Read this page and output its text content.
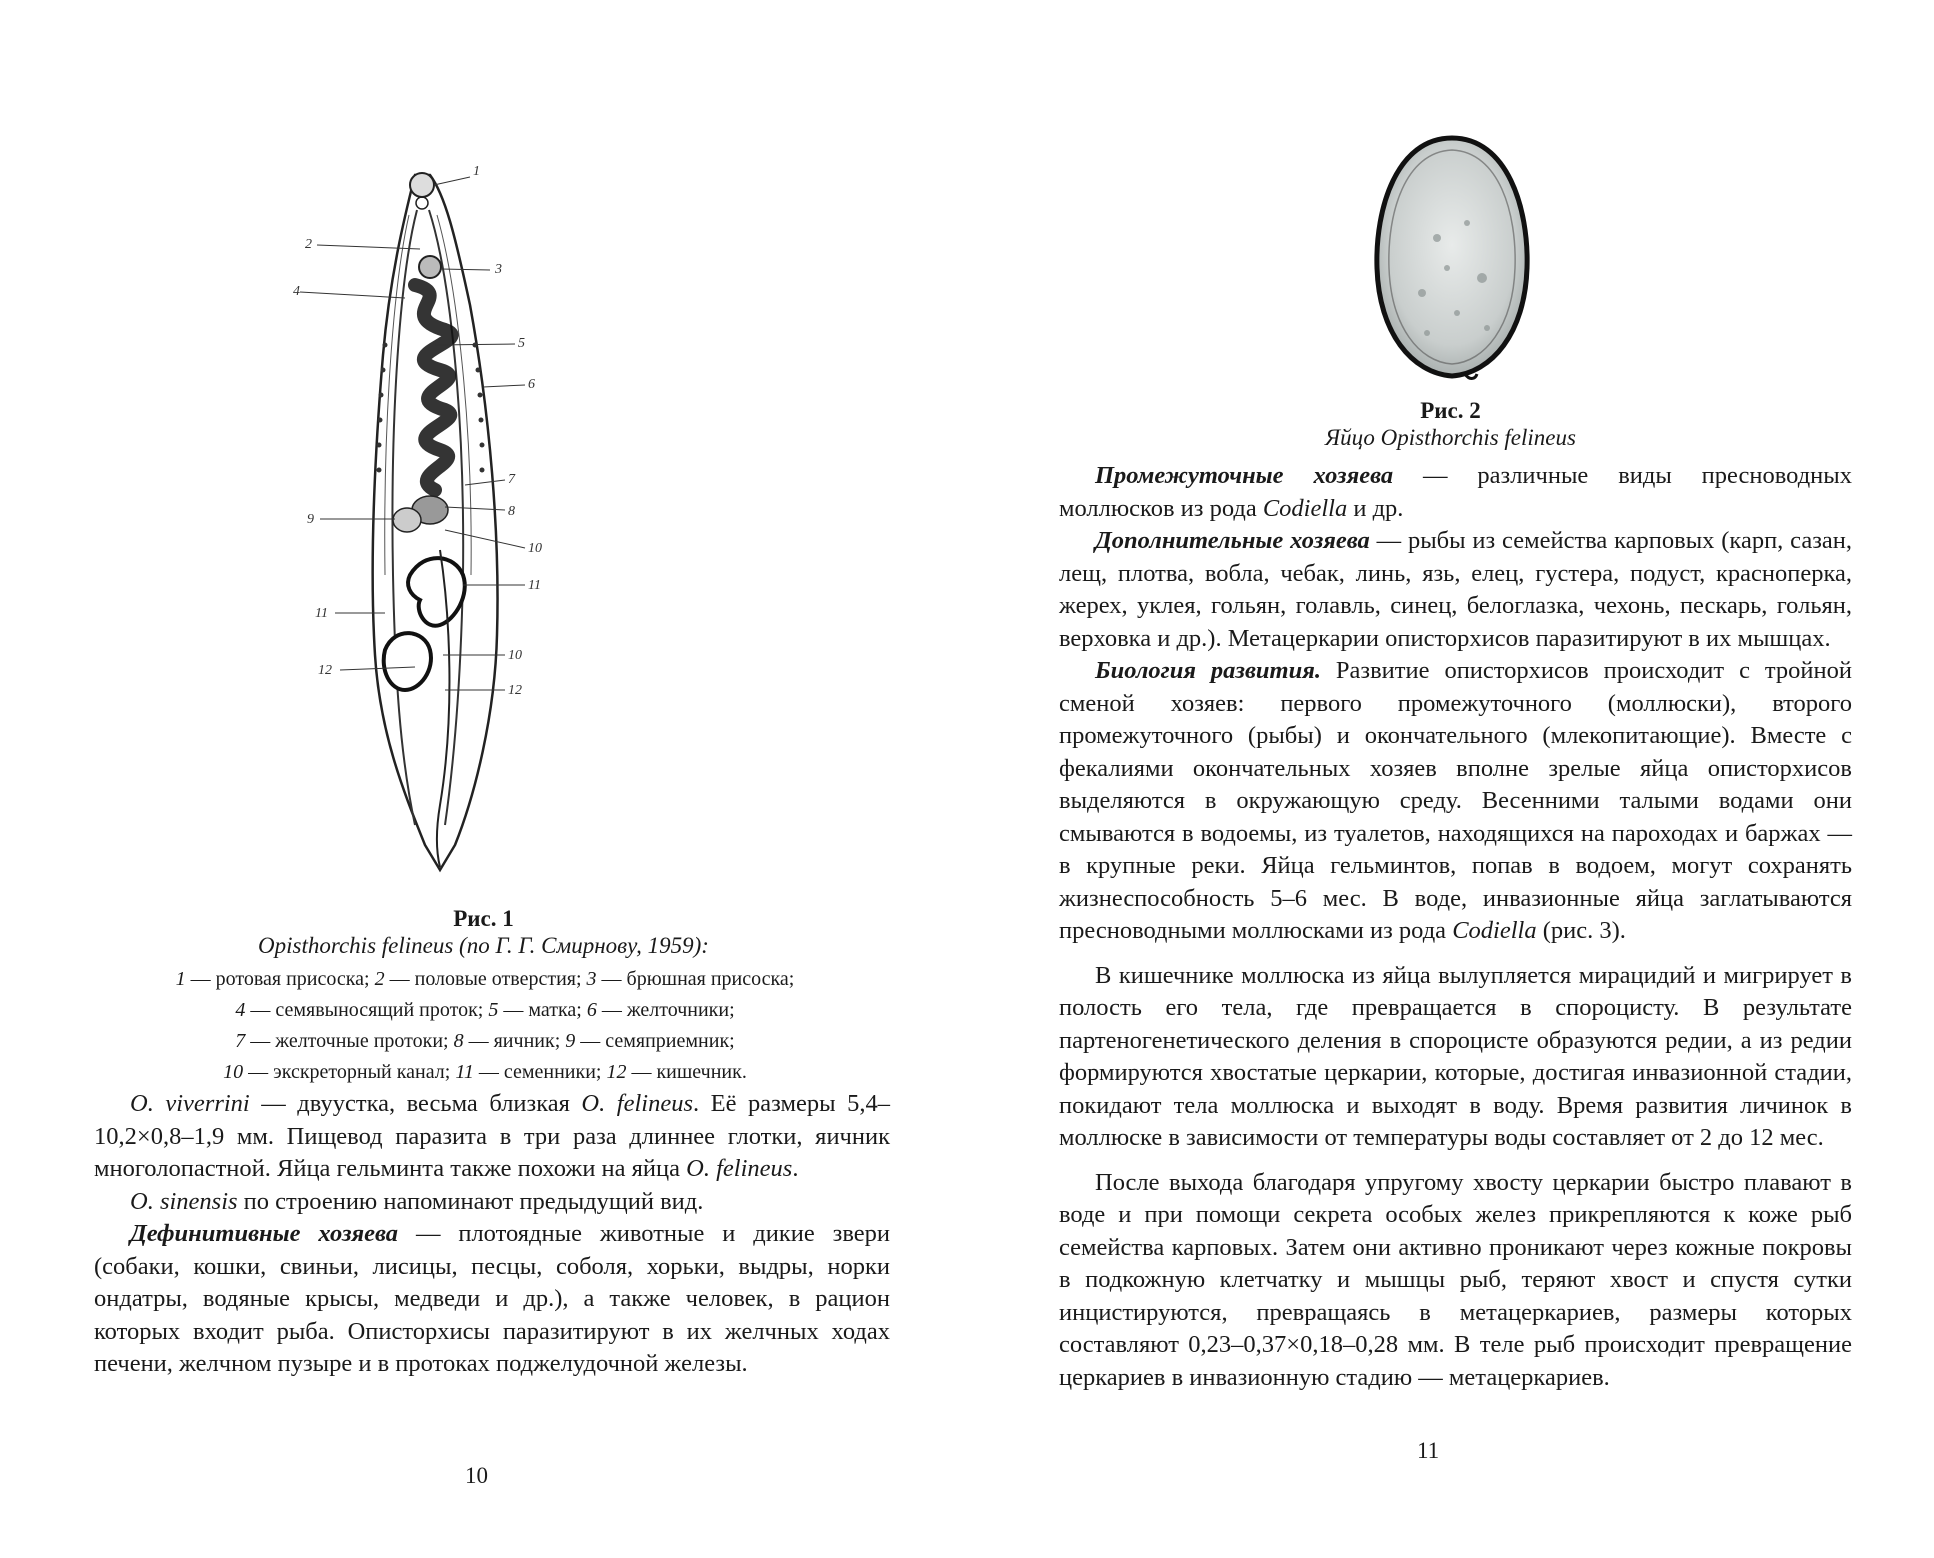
1
2
3
4
5
6
7
8
9
10
11
11
10
12
12
Рис. 1
Opisthorchis felineus (по Г. Г. Смирнову, 1959):
1 — ротовая присоска; 2 — половые отверстия; 3 — брюшная присоска;
4 — семявыносящий проток; 5 — матка; 6 — желточники;
7 — желточные протоки; 8 — яичник; 9 — семяприемник;
10 — экскреторный канал; 11 — семенники; 12 — кишечник.

O. viverrini — двуустка, весьма близкая O. felineus. Её размеры 5,4–10,2×0,8–1,9 мм. Пищевод паразита в три раза длиннее глотки, яичник многолопастной. Яйца гельминта также похожи на яйца O. felineus.

O. sinensis по строению напоминают предыдущий вид.

Дефинитивные хозяева — плотоядные животные и дикие звери (собаки, кошки, свиньи, лисицы, песцы, соболя, хорьки, выдры, норки ондатры, водяные крысы, медведи и др.), а также человек, в рацион которых входит рыба. Описторхисы паразитируют в их желчных ходах печени, желчном пузыре и в протоках поджелудочной железы.

10
Рис. 2
Яйцо Opisthorchis felineus

Промежуточные хозяева — различные виды пресноводных моллюсков из рода Codiella и др.

Дополнительные хозяева — рыбы из семейства карповых (карп, сазан, лещ, плотва, вобла, чебак, линь, язь, елец, густера, подуст, красноперка, жерех, уклея, гольян, голавль, синец, белоглазка, чехонь, пескарь, гольян, верховка и др.). Метацеркарии описторхисов паразитируют в их мышцах.

Биология развития. Развитие описторхисов происходит с тройной сменой хозяев: первого промежуточного (моллюски), второго промежуточного (рыбы) и окончательного (млекопитающие). Вместе с фекалиями окончательных хозяев вполне зрелые яйца описторхисов выделяются в окружающую среду. Весенними талыми водами они смываются в водоемы, из туалетов, находящихся на пароходах и баржах — в крупные реки. Яйца гельминтов, попав в водоем, могут сохранять жизнеспособность 5–6 мес. В воде, инвазионные яйца заглатываются пресноводными моллюсками из рода Codiella (рис. 3).

В кишечнике моллюска из яйца вылупляется мирацидий и мигрирует в полость его тела, где превращается в спороцисту. В результате партеногенетического деления в спороцисте образуются редии, а из редии формируются хвостатые церкарии, которые, достигая инвазионной стадии, покидают тела моллюска и выходят в воду. Время развития личинок в моллюске в зависимости от температуры воды составляет от 2 до 12 мес.

После выхода благодаря упругому хвосту церкарии быстро плавают в воде и при помощи секрета особых желез прикрепляются к коже рыб семейства карповых. Затем они активно проникают через кожные покровы в подкожную клетчатку и мышцы рыб, теряют хвост и спустя сутки инцистируются, превращаясь в метацеркариев, размеры которых составляют 0,23–0,37×0,18–0,28 мм. В теле рыб происходит превращение церкариев в инвазионную стадию — метацеркариев.

11
